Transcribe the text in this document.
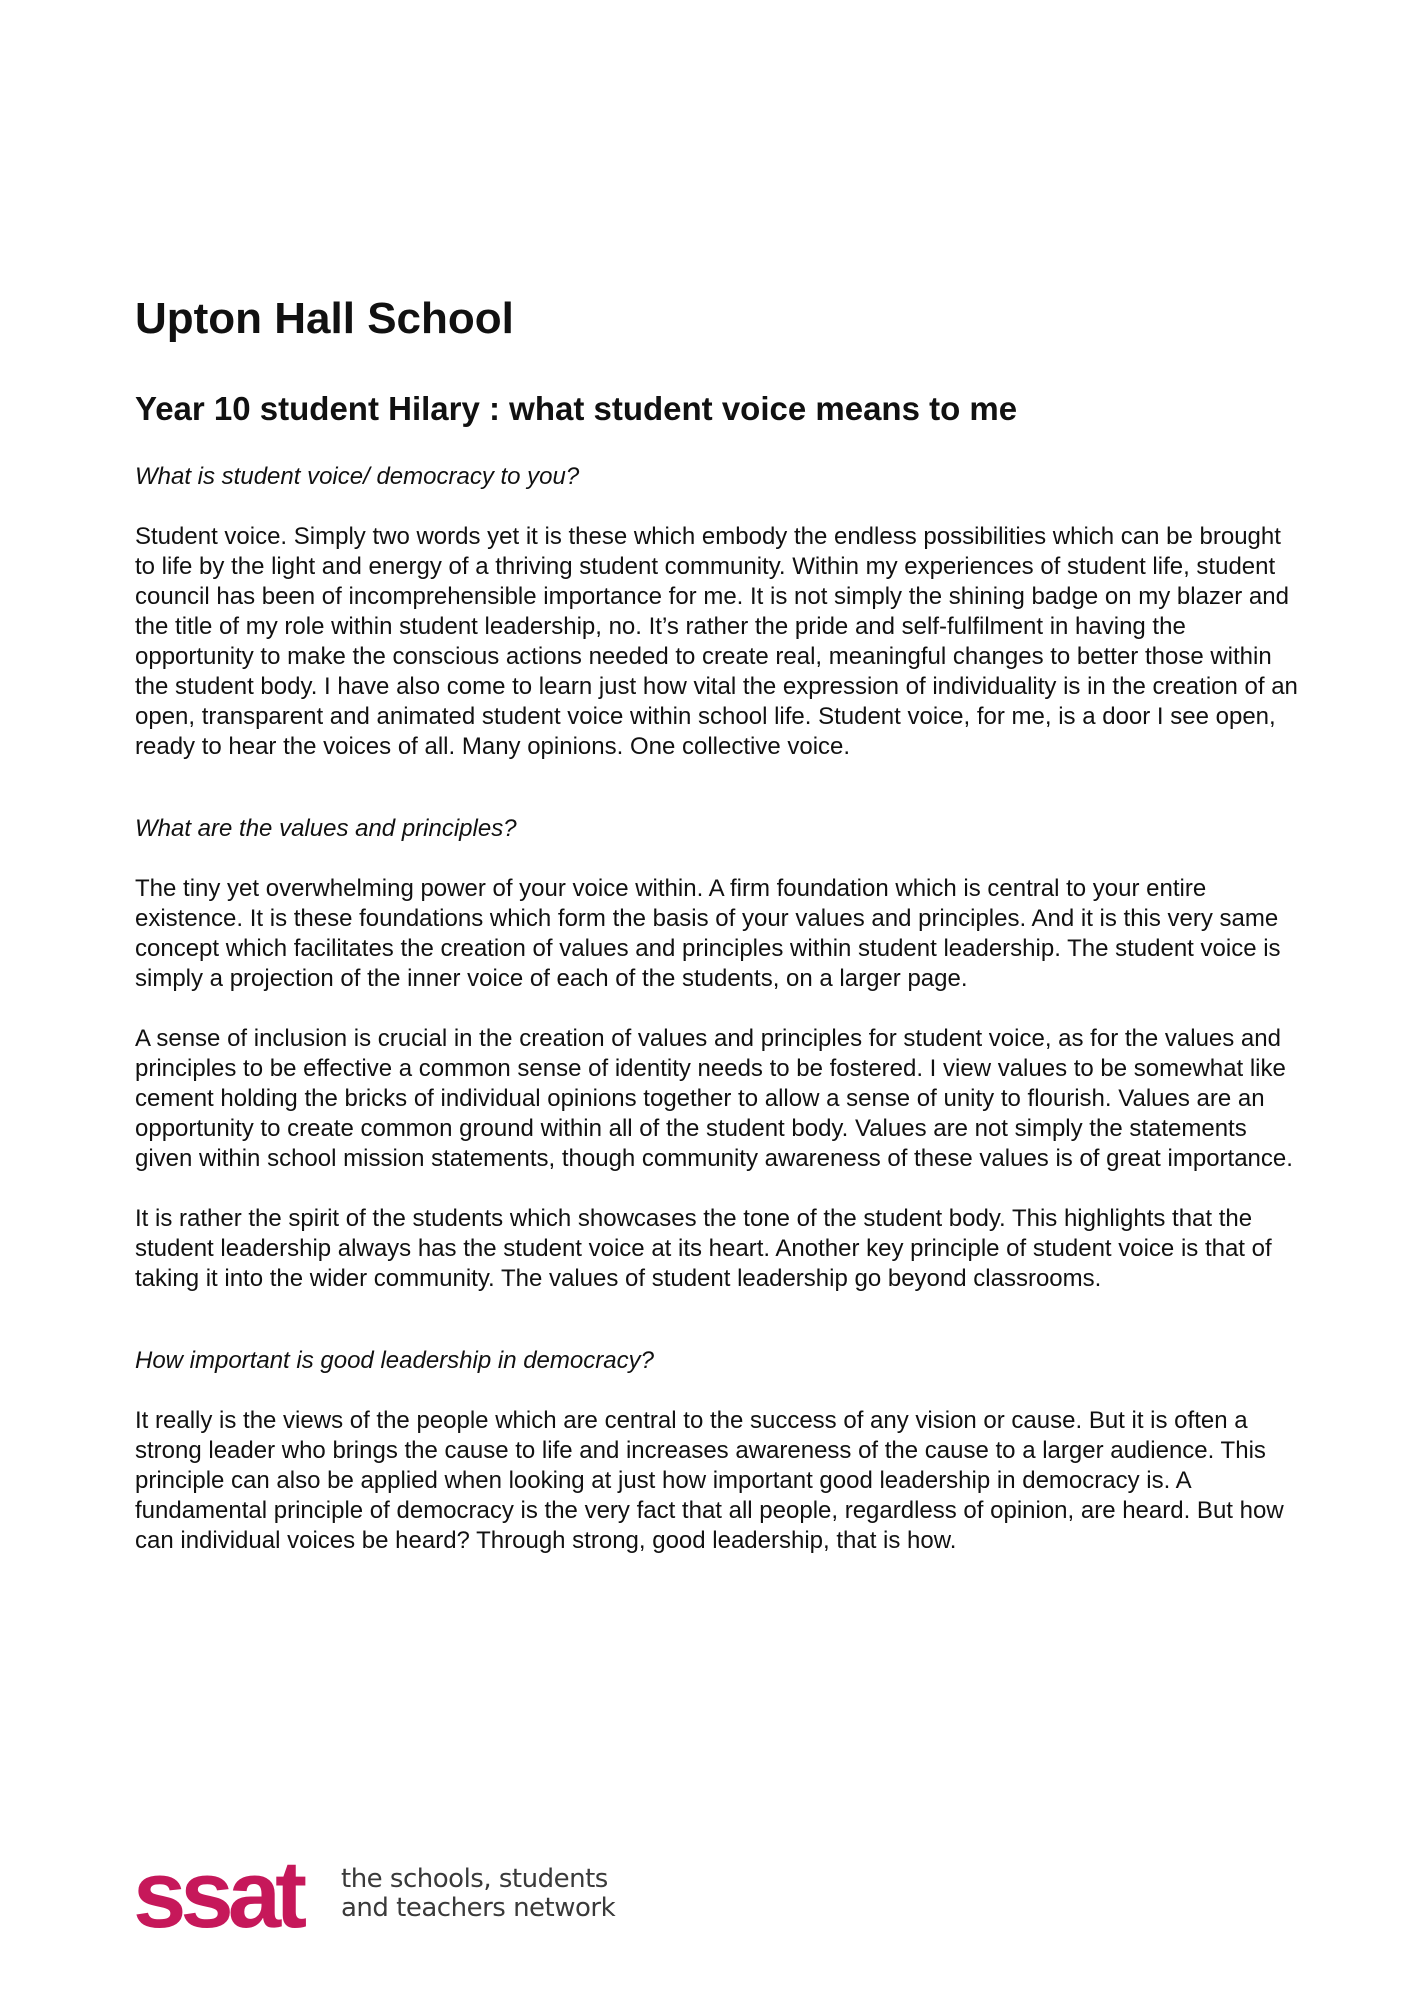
Upton Hall School
Year 10 student Hilary : what student voice means to me

What is student voice/ democracy to you?

Student voice. Simply two words yet it is these which embody the endless possibilities which can be brought to life by the light and energy of a thriving student community. Within my experiences of student life, student council has been of incomprehensible importance for me. It is not simply the shining badge on my blazer and the title of my role within student leadership, no. It’s rather the pride and self-fulfilment in having the opportunity to make the conscious actions needed to create real, meaningful changes to better those within the student body. I have also come to learn just how vital the expression of individuality is in the creation of an open, transparent and animated student voice within school life. Student voice, for me, is a door I see open, ready to hear the voices of all. Many opinions. One collective voice.

What are the values and principles?

The tiny yet overwhelming power of your voice within. A firm foundation which is central to your entire existence. It is these foundations which form the basis of your values and principles. And it is this very same concept which facilitates the creation of values and principles within student leadership. The student voice is simply a projection of the inner voice of each of the students, on a larger page.

A sense of inclusion is crucial in the creation of values and principles for student voice, as for the values and principles to be effective a common sense of identity needs to be fostered. I view values to be somewhat like cement holding the bricks of individual opinions together to allow a sense of unity to flourish. Values are an opportunity to create common ground within all of the student body. Values are not simply the statements given within school mission statements, though community awareness of these values is of great importance.

It is rather the spirit of the students which showcases the tone of the student body. This highlights that the student leadership always has the student voice at its heart. Another key principle of student voice is that of taking it into the wider community. The values of student leadership go beyond classrooms.

How important is good leadership in democracy?

It really is the views of the people which are central to the success of any vision or cause. But it is often a strong leader who brings the cause to life and increases awareness of the cause to a larger audience. This principle can also be applied when looking at just how important good leadership in democracy is. A fundamental principle of democracy is the very fact that all people, regardless of opinion, are heard. But how can individual voices be heard? Through strong, good leadership, that is how.

ssat the schools, students
and teachers network
